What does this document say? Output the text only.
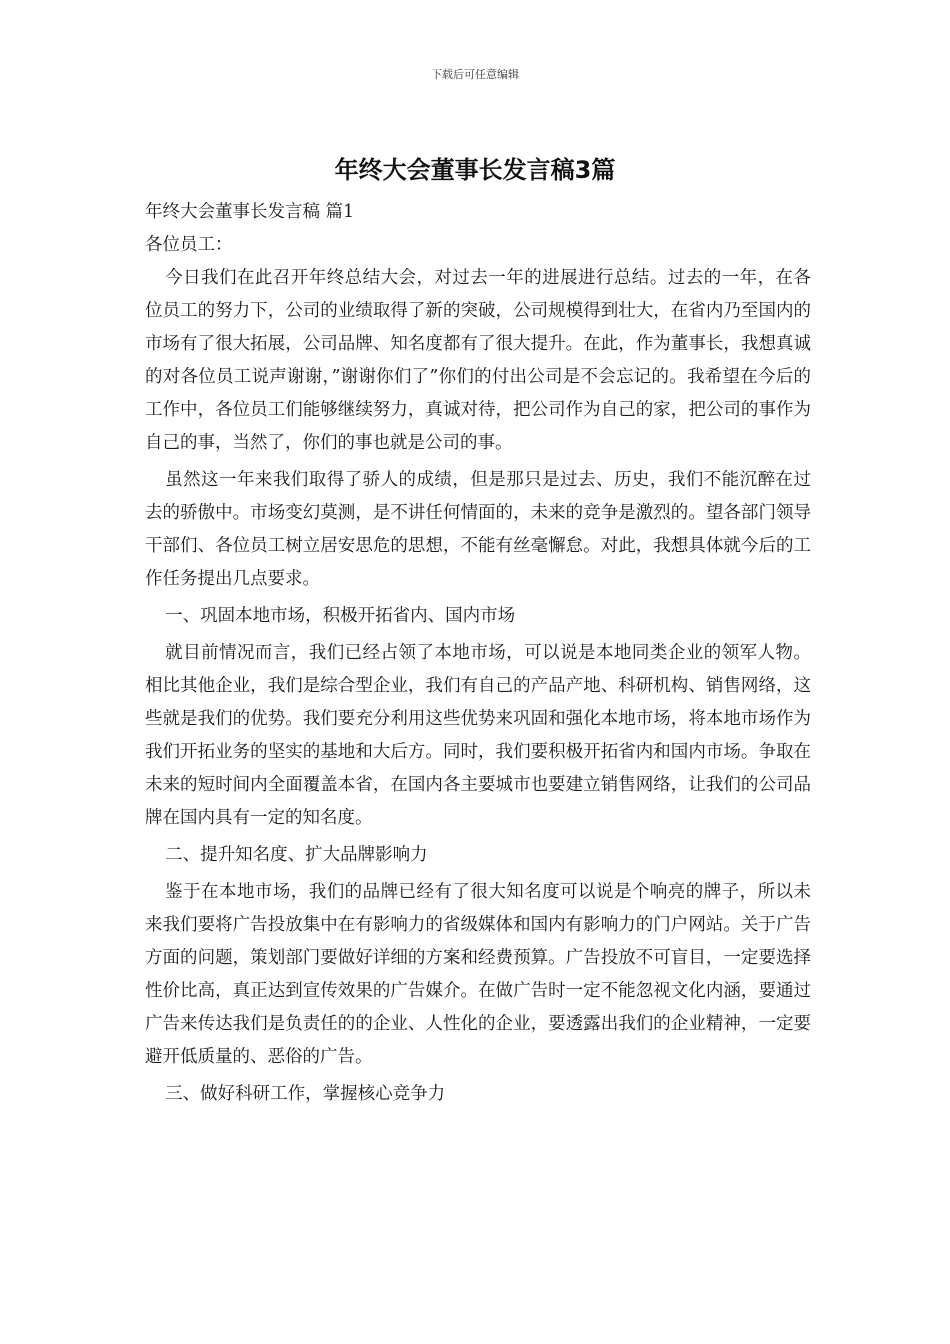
下载后可任意编辑
年终大会董事长发言稿3篇

年终大会董事长发言稿 篇1

各位员工：

今日我们在此召开年终总结大会，对过去一年的进展进行总结。过去的一年，在各位员工的努力下，公司的业绩取得了新的突破，公司规模得到壮大，在省内乃至国内的市场有了很大拓展，公司品牌、知名度都有了很大提升。在此，作为董事长，我想真诚的对各位员工说声谢谢，”谢谢你们了”你们的付出公司是不会忘记的。我希望在今后的工作中，各位员工们能够继续努力，真诚对待，把公司作为自己的家，把公司的事作为自己的事，当然了，你们的事也就是公司的事。

虽然这一年来我们取得了骄人的成绩，但是那只是过去、历史，我们不能沉醉在过去的骄傲中。市场变幻莫测，是不讲任何情面的，未来的竞争是激烈的。望各部门领导干部们、各位员工树立居安思危的思想，不能有丝毫懈怠。对此，我想具体就今后的工作任务提出几点要求。

一、巩固本地市场，积极开拓省内、国内市场

就目前情况而言，我们已经占领了本地市场，可以说是本地同类企业的领军人物。相比其他企业，我们是综合型企业，我们有自己的产品产地、科研机构、销售网络，这些就是我们的优势。我们要充分利用这些优势来巩固和强化本地市场，将本地市场作为我们开拓业务的坚实的基地和大后方。同时，我们要积极开拓省内和国内市场。争取在未来的短时间内全面覆盖本省，在国内各主要城市也要建立销售网络，让我们的公司品牌在国内具有一定的知名度。

二、提升知名度、扩大品牌影响力

鉴于在本地市场，我们的品牌已经有了很大知名度可以说是个响亮的牌子，所以未来我们要将广告投放集中在有影响力的省级媒体和国内有影响力的门户网站。关于广告方面的问题，策划部门要做好详细的方案和经费预算。广告投放不可盲目，一定要选择性价比高，真正达到宣传效果的广告媒介。在做广告时一定不能忽视文化内涵，要通过广告来传达我们是负责任的的企业、人性化的企业，要透露出我们的企业精神，一定要避开低质量的、恶俗的广告。

三、做好科研工作，掌握核心竞争力
